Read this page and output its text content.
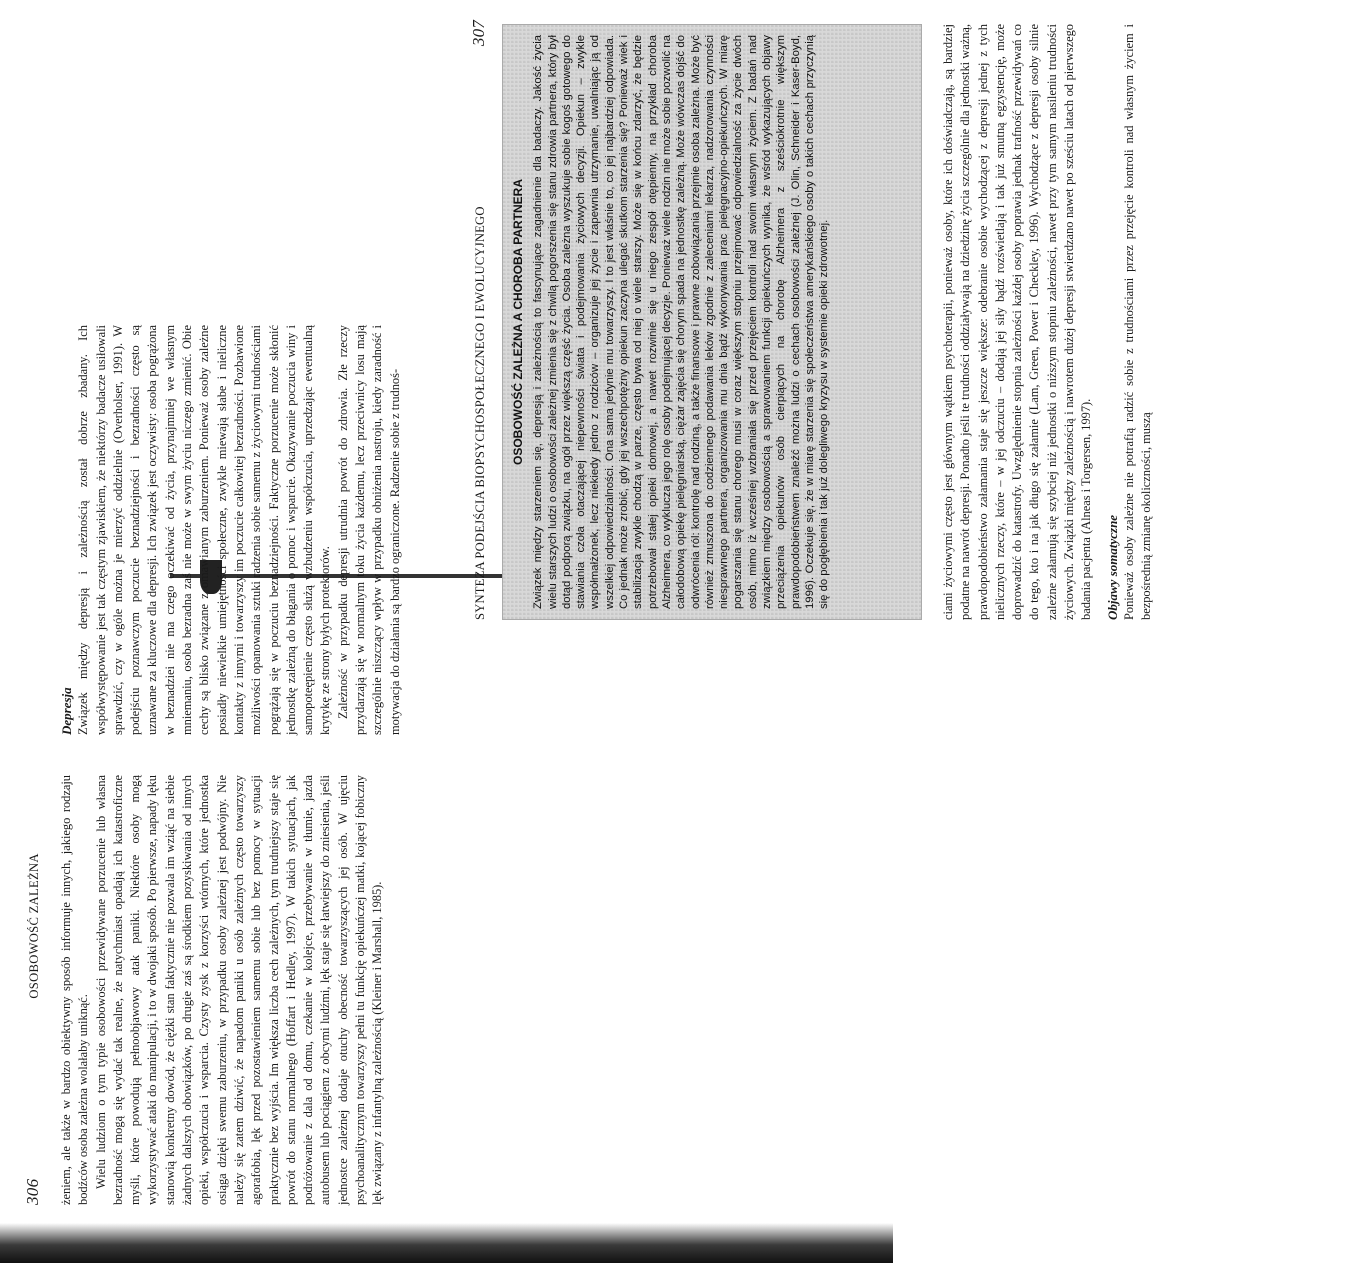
306
OSOBOWOŚĆ ZALEŻNA żeniem, ale także w bardzo obiektywny sposób informuje innych, jakiego rodzaju bodźców osoba zależna wolałaby uniknąć. Wielu ludziom o tym typie osobowości przewidywane porzucenie lub własna bezradność mogą się wydać tak realne, że natychmiast opadają ich katastroficzne myśli, które powodują pełnoobjawowy atak paniki. Niektóre osoby mogą wykorzystywać ataki do manipulacji, i to w dwojaki sposób. Po pierwsze, napady lęku stanowią konkretny dowód, że ciężki stan faktycznie nie pozwala im wziąć na siebie żadnych dalszych obowiązków, po drugie zaś są środkiem pozyskiwania od innych opieki, współczucia i wsparcia. Czysty zysk z korzyści wtórnych, które jednostka osiąga dzięki swemu zaburzeniu, w przypadku osoby zależnej jest podwójny. Nie należy się zatem dziwić, że napadom paniki u osób zależnych często towarzyszy agorafobia, lęk przed pozostawieniem samemu sobie lub bez pomocy w sytuacji praktycznie bez wyjścia. Im większa liczba cech zależnych, tym trudniejszy staje się powrót do stanu normalnego (Hoffart i Hedley, 1997). W takich sytuacjach, jak podróżowanie z dala od domu, czekanie w kolejce, przebywanie w tłumie, jazda autobusem lub pociągiem z obcymi ludźmi, lęk staje się łatwiejszy do zniesienia, jeśli jednostce zależnej dodaje otuchy obecność towarzyszących jej osób. W ujęciu psychoanalitycznym towarzyszy pełni tu funkcję opiekuńczej matki, kojącej fobiczny lęk związany z infantylną zależnością (Kleiner i Marshall, 1985).

Depresja Związek między depresją i zależnością został dobrze zbadany. Ich współwystępowanie jest tak częstym zjawiskiem, że niektórzy badacze usiłowali sprawdzić, czy w ogóle można je mierzyć oddzielnie (Overholser, 1991). W podejściu poznawczym poczucie beznadziejności i bezradności często są uznawane za kluczowe dla depresji. Ich związek jest oczywisty: osoba pogrążona w beznadziei nie ma czego oczekiwać od życia, przynajmniej we własnym mniemaniu, osoba bezradna zaś nie może w swym życiu niczego zmienić. Obie cechy są blisko związane z omawianym zaburzeniem. Ponieważ osoby zależne posiadły niewielkie umiejętności społeczne, zwykle miewają słabe i nieliczne kontakty z innymi i towarzyszy im poczucie całkowitej bezradności. Pozbawione możliwości opanowania sztuki radzenia sobie samemu z życiowymi trudnościami pogrążają się w poczuciu beznadziejności. Faktyczne porzucenie może skłonić jednostkę zależną do błagania o pomoc i wsparcie. Okazywanie poczucia winy i samopoteępienie często służą wzbudzeniu współczucia, uprzedzając ewentualną krytykę ze strony byłych protektorów. Zależność w przypadku depresji utrudnia powrót do zdrowia. Złe rzeczy przydarzają się w normalnym toku życia każdemu, lecz przeciwnicy losu mają szczególnie niszczący wpływ w przypadku obniżenia nastroju, kiedy zaradność i motywacja do działania są bardzo ograniczone. Radzenie sobie z trudnoś-	SYNTEZA PODEJŚCIA BIOPSYCHOSPOŁECZNEGO I EWOLUCYJNEGO
307
OSOBOWOŚĆ ZALEŻNA A CHOROBA PARTNERA Związek między starzeniem się, depresją i zależnością to fascynujące zagadnienie dla badaczy. Jakość życia wielu starszych ludzi o osobowości zależnej zmienia się z chwilą pogorszenia się stanu zdrowia partnera, który był dotąd podporą związku, na ogół przez większą część życia. Osoba zależna wyszukuje sobie kogoś gotowego do stawiania czoła otaczającej niepewności świata i podejmowania życiowych decyzji. Opiekun – zwykle współmałżonek, lecz niekiedy jedno z rodziców – organizuje jej życie i zapewnia utrzymanie, uwalniając ją od wszelkiej odpowiedzialności. Ona sama jedynie mu towarzyszy. I to jest właśnie to, co jej najbardziej odpowiada. Co jednak może zrobić, gdy jej wszechpotężny opiekun zaczyna ulegać skutkom starzenia się? Ponieważ wiek i stabilizacja zwykle chodzą w parze, często bywa od niej o wiele starszy. Może się w końcu zdarzyć, że będzie potrzebował stałej opieki domowej, a nawet rozwinie się u niego zespół otępienny, na przykład choroba Alzheimera, co wyklucza jego rolę osoby podejmującej decyzje. Ponieważ wiele rodzin nie może sobie pozwolić na całodobową opiekę pielęgniarską, ciężar zajęcia się chorym spada na jednostkę zależną. Może wówczas dojść do odwrócenia ról: kontrolę nad rodziną, a także finansowe i prawne zobowiązania przejmie osoba zależna. Może być również zmuszona do codziennego podawania leków zgodnie z zaleceniami lekarza, nadzorowania czynności niesprawnego partnera, organizowania mu dnia bądź wykonywania prac pielęgnacyjno-opiekuńczych. W miarę pogarszania się stanu chorego musi w coraz większym stopniu przejmować odpowiedzialność za życie dwóch osób, mimo iż wcześniej wzbraniała się przed przejęciem kontroli nad swoim własnym życiem. Z badań nad związkiem między osobowością a sprawowaniem funkcji opiekuńczych wynika, że wśród wykazujących objawy przeciążenia opiekunów osób cierpiących na chorobę Alzheimera z sześciokrotnie większym prawdopodobieństwem znaleźć można ludzi o cechach osobowości zależnej (J. Olin, Schneider i Kaser-Boyd, 1996). Oczekuje się, że w miarę starzenia się społeczeństwa amerykańskiego osoby o takich cechach przyczynią się do pogłębienia i tak już dolegliwego kryzysu w systemie opieki zdrowotnej.	ciami życiowymi często jest głównym wątkiem psychoterapii, ponieważ osoby, które ich doświadczają, są bardziej podatne na nawrót depresji. Ponadto jeśli te trudności oddziaływają na dziedzinę życia szczególnie dla jednostki ważną, prawdopodobieństwo załamania staje się jeszcze większe: odebranie osobie wychodzącej z depresji jednej z tych nielicznych rzeczy, które – w jej odczuciu – dodają jej siły bądź rozświetlają i tak już smutną egzystencję, może doprowadzić do katastrofy. Uwzględnienie stopnia zależności każdej osoby poprawia jednak trafność przewidywań co do tego, kto i na jak długo się załamie (Lam, Green, Power i Checkley, 1996). Wychodzące z depresji osoby silnie zależne załamują się szybciej niż jednostki o niższym stopniu zależności, nawet przy tym samym nasileniu trudności życiowych. Związki między zależnością i nawrotem dużej depresji stwierdzano nawet po sześciu latach od pierwszego badania pacjenta (Alneas i Torgersen, 1997). Objawy somatyczne Ponieważ osoby zależne nie potrafią radzić sobie z trudnościami przez przejęcie kontroli nad własnym życiem i bezpośrednią zmianę okoliczności, muszą
